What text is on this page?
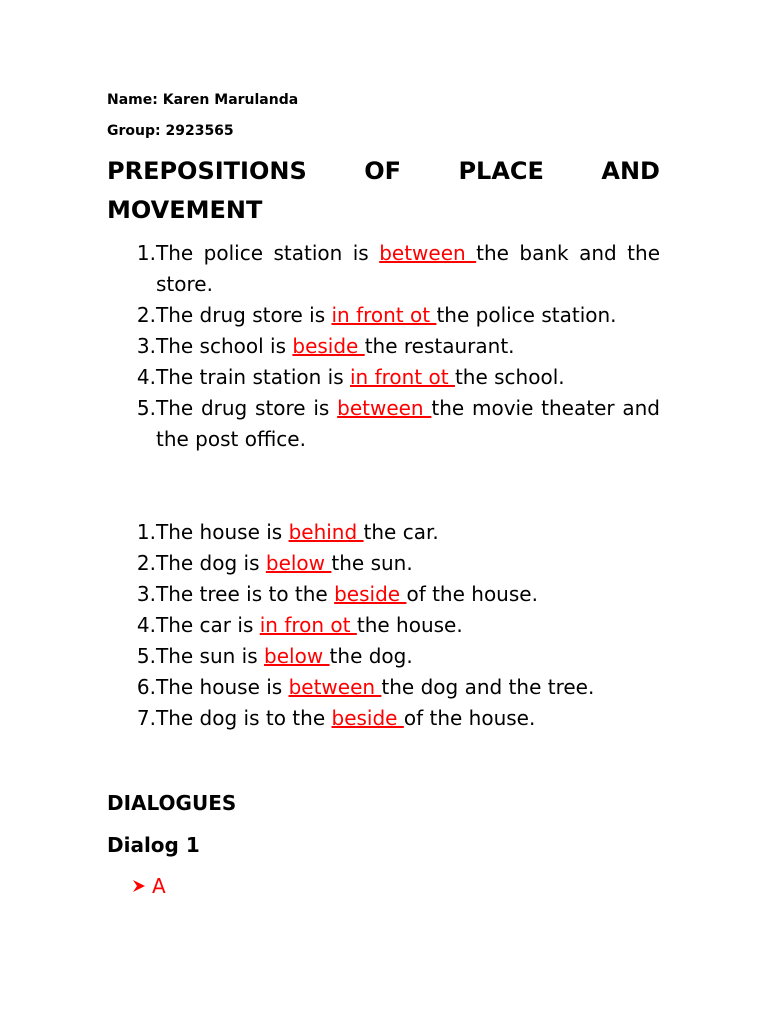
Name: Karen Marulanda
Group: 2923565
PREPOSITIONS OF PLACE AND
MOVEMENT
1. The police station is between the bank and the store.
2. The drug store is in front ot the police station.
3. The school is beside the restaurant.
4. The train station is in front ot the school.
5. The drug store is between the movie theater and the post office.
1. The house is behind the car.
2. The dog is below the sun.
3. The tree is to the beside of the house.
4. The car is in fron ot the house.
5. The sun is below the dog.
6. The house is between the dog and the tree.
7. The dog is to the beside of the house.
DIALOGUES
Dialog 1
A
